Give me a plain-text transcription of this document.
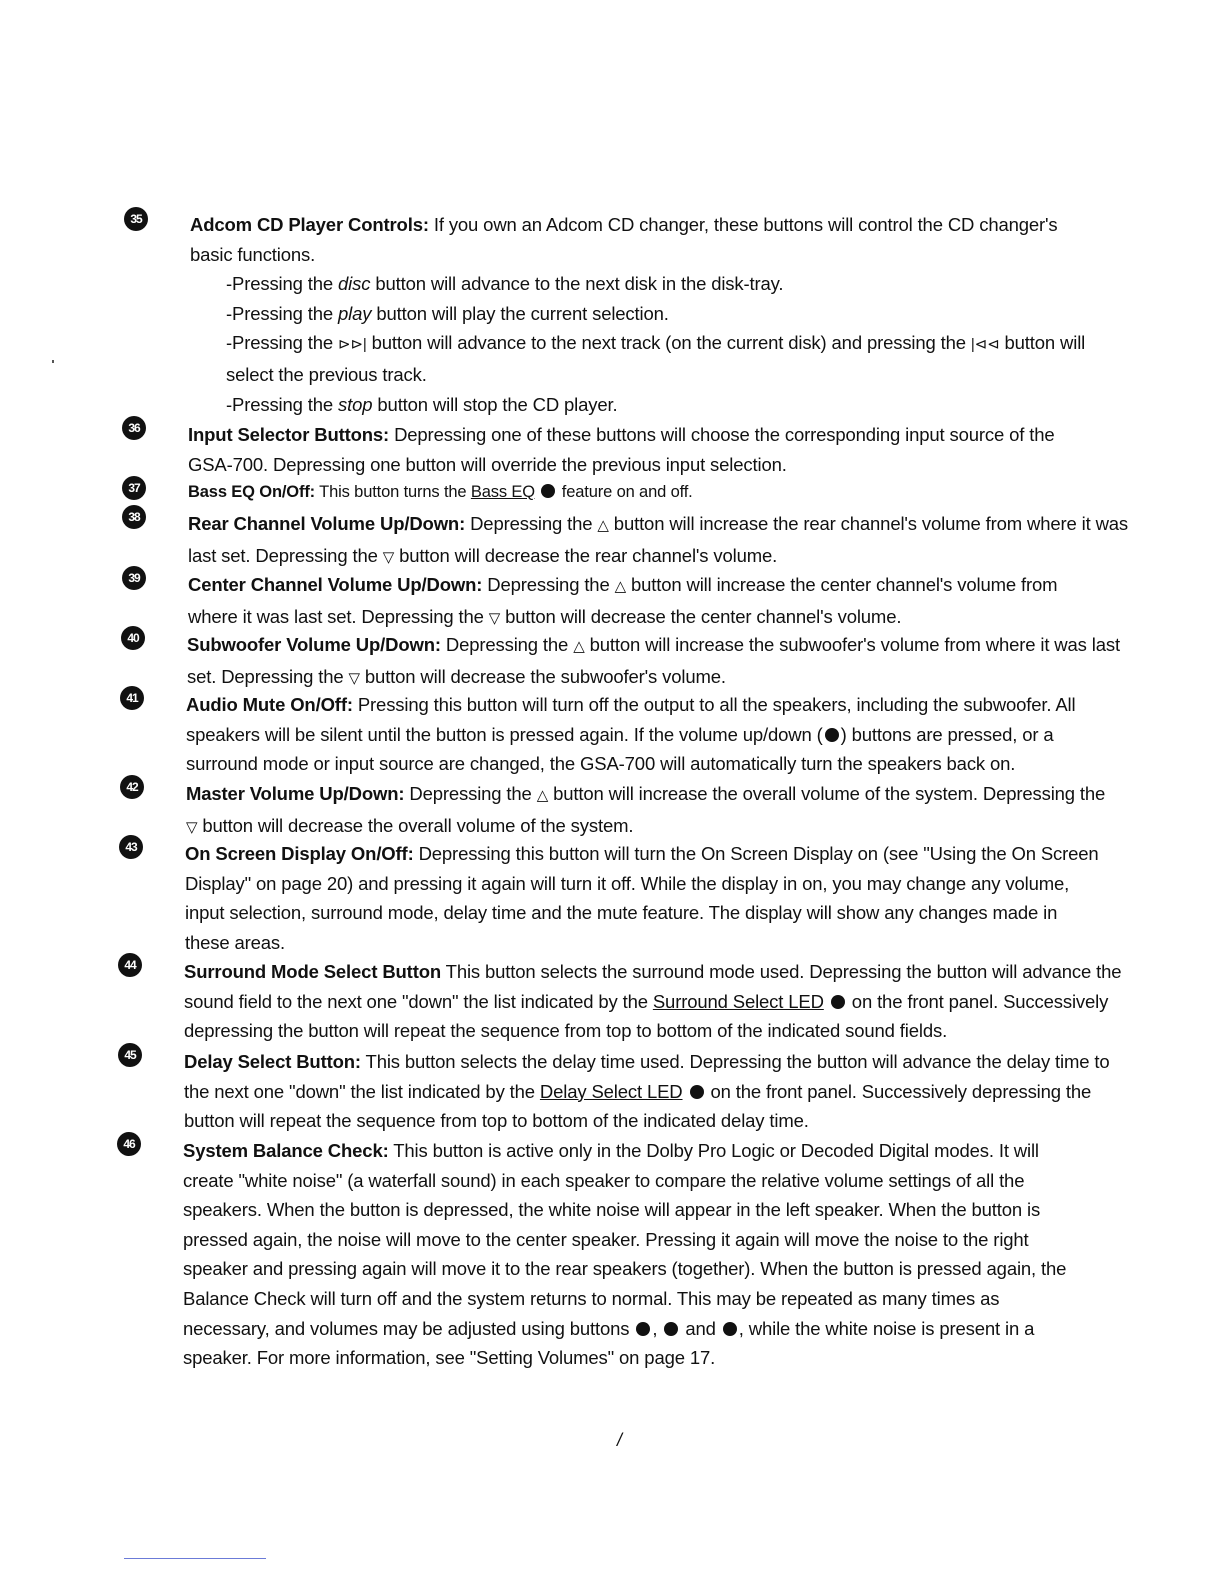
35	Adcom CD Player Controls: If you own an Adcom CD changer, these buttons will control the CD changer's basic functions.
-Pressing the disc button will advance to the next disk in the disk-tray.
-Pressing the play button will play the current selection.
-Pressing the ⊳⊳| button will advance to the next track (on the current disk) and pressing the |⊲⊲ button will select the previous track.
-Pressing the stop button will stop the CD player.
36	Input Selector Buttons: Depressing one of these buttons will choose the corresponding input source of the GSA-700. Depressing one button will override the previous input selection.
37	Bass EQ On/Off: This button turns the Bass EQ  feature on and off.
38	Rear Channel Volume Up/Down: Depressing the △ button will increase the rear channel's volume from where it was last set. Depressing the ▽ button will decrease the rear channel's volume.
39	Center Channel Volume Up/Down: Depressing the △ button will increase the center channel's volume from where it was last set. Depressing the ▽ button will decrease the center channel's volume.
40	Subwoofer Volume Up/Down: Depressing the △ button will increase the subwoofer's volume from where it was last set. Depressing the ▽ button will decrease the subwoofer's volume.
41	Audio Mute On/Off: Pressing this button will turn off the output to all the speakers, including the subwoofer. All speakers will be silent until the button is pressed again. If the volume up/down ( ) buttons are pressed, or a surround mode or input source are changed, the GSA-700 will automatically turn the speakers back on.
42	Master Volume Up/Down: Depressing the △ button will increase the overall volume of the system. Depressing the ▽ button will decrease the overall volume of the system.
43	On Screen Display On/Off: Depressing this button will turn the On Screen Display on (see "Using the On Screen Display" on page 20) and pressing it again will turn it off. While the display in on, you may change any volume, input selection, surround mode, delay time and the mute feature. The display will show any changes made in these areas.
44	Surround Mode Select Button This button selects the surround mode used. Depressing the button will advance the sound field to the next one "down" the list indicated by the Surround Select LED  on the front panel. Successively depressing the button will repeat the sequence from top to bottom of the indicated sound fields.
45	Delay Select Button: This button selects the delay time used. Depressing the button will advance the delay time to the next one "down" the list indicated by the Delay Select LED  on the front panel. Successively depressing the button will repeat the sequence from top to bottom of the indicated delay time.
46	System Balance Check: This button is active only in the Dolby Pro Logic or Decoded Digital modes. It will create "white noise" (a waterfall sound) in each speaker to compare the relative volume settings of all the speakers. When the button is depressed, the white noise will appear in the left speaker. When the button is pressed again, the noise will move to the center speaker. Pressing it again will move the noise to the right speaker and pressing again will move it to the rear speakers (together). When the button is pressed again, the Balance Check will turn off and the system returns to normal. This may be repeated as many times as necessary, and volumes may be adjusted using buttons ,  and , while the white noise is present in a speaker. For more information, see "Setting Volumes" on page 17.
/
